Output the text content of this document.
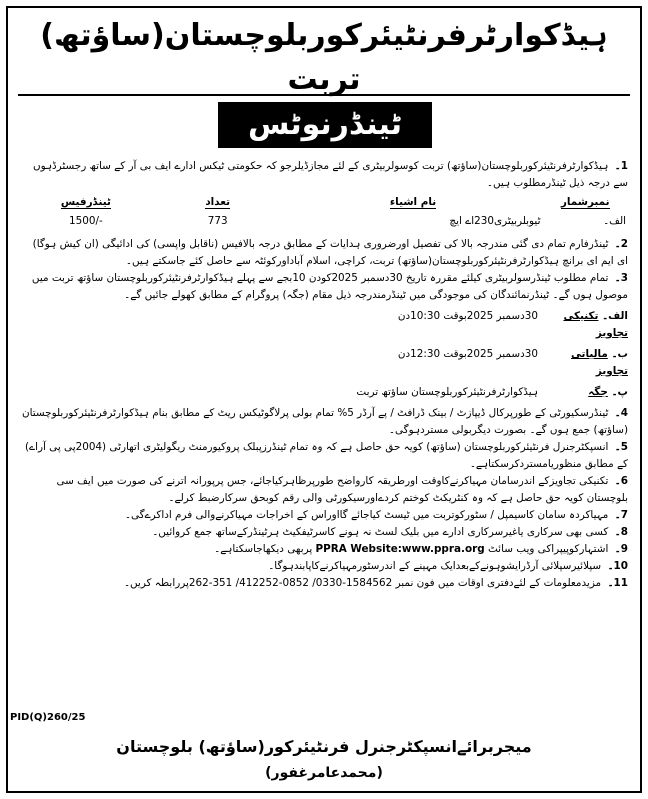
ہیڈکوارٹرفرنٹیئرکوربلوچستان(ساؤتھ) تربت
ٹینڈرنوٹس

1۔ ہیڈکوارٹرفرنٹیئرکوربلوچستان(ساؤتھ) تربت کوسولربیٹری کے لئے مجازڈیلرجو کہ حکومتی ٹیکس ادارے ایف بی آر کے ساتھ رجسٹرڈہوں سے درجہ ذیل ٹینڈرمطلوب ہیں۔

نمبرشمار	نام اشیاء	تعداد	ٹینڈرفیس
الف۔	ٹیوبلربیٹری230اے ایچ	773	-/1500

2۔ ٹینڈرفارم تمام دی گئی مندرجہ بالا کی تفصیل اورضروری ہدایات کے مطابق درجہ بالافیس (ناقابل واپسی) کی ادائیگی (ان کیش ہوگا) ای ایم ای برانچ ہیڈکوارٹرفرنٹیئرکوربلوچستان(ساؤتھ) تربت، کراچی، اسلام آباداورکوئٹہ سے حاصل کئے جاسکتے ہیں۔

3۔ تمام مطلوب ٹینڈرسولربیٹری کیلئے مقررہ تاریخ 30دسمبر 2025کودن 10بجے سے پہلے ہیڈکوارٹرفرنٹیئرکوربلوچستان ساؤتھ تربت میں موصول ہوں گے۔ ٹینڈرنمائندگان کی موجودگی میں ٹینڈرمندرجہ ذیل مقام (جگہ) پروگرام کے مطابق کھولے جائیں گے۔

الف۔ تکنیکی تجاویز
30دسمبر 2025بوقت 10:30دن
ب۔ مالیاتی تجاویز
30دسمبر 2025بوقت 12:30دن
پ۔ جگہ
ہیڈکوارٹرفرنٹیئرکوربلوچستان ساؤتھ تربت

4۔ ٹینڈرسکیورٹی کے طورپرکال ڈیپازٹ / بینک ڈرافٹ / پے آرڈر 5% تمام بولی پرلاگوٹیکس ریٹ کے مطابق بنام ہیڈکوارٹرفرنٹیئرکوربلوچستان (ساؤتھ) جمع ہوں گے۔ بصورت دیگربولی مستردہوگی۔

5۔ انسپکٹرجنرل فرنٹیئرکوربلوچستان (ساؤتھ) کویہ حق حاصل ہے کہ وہ تمام ٹینڈرزپبلک پروکیورمنٹ ریگولیٹری اتھارٹی (2004پی پی آراے) کے مطابق منظوریامستردکرسکتاہے۔

6۔ تکنیکی تجاویزکے اندرسامان مہیاکرنےکاوقت اورطریقہ کارواضح طورپرظاہرکیاجائے، جس پرپورانہ اترنے کی صورت میں ایف سی بلوچستان کویہ حق حاصل ہے کہ وہ کنٹریکٹ کوختم کردےاورسیکورٹی والی رقم کوبحق سرکارضبط کرلے۔

7۔ مہیاکردہ سامان کاسیمپل / سٹورکوتربت میں ٹیسٹ کیاجائے گااوراس کے اخراجات مہیاکرنےوالی فرم اداکرےگی۔

8۔ کسی بھی سرکاری یاغیرسرکاری ادارے میں بلیک لسٹ نہ ہونے کاسرٹیفکیٹ ہرٹینڈرکےساتھ جمع کروائیں۔

9۔ اشتہارکوپیپراکی ویب سائٹ PPRA Website:www.ppra.org پربھی دیکھاجاسکتاہے۔

10۔ سپلائیرسپلائی آرڈرایشوہونےکےبعدایک مہینے کے اندرسٹورمہیاکرنےکاپابندہوگا۔

11۔ مزیدمعلومات کے لئےدفتری اوقات میں فون نمبر 1584562-0330/ 0852-412252/ 351-262پررابطہ کریں۔

PID(Q)260/25
میجربرائےانسپکٹرجنرل فرنٹیئرکور(ساؤتھ) بلوچستان
(محمدعامرغفور)
